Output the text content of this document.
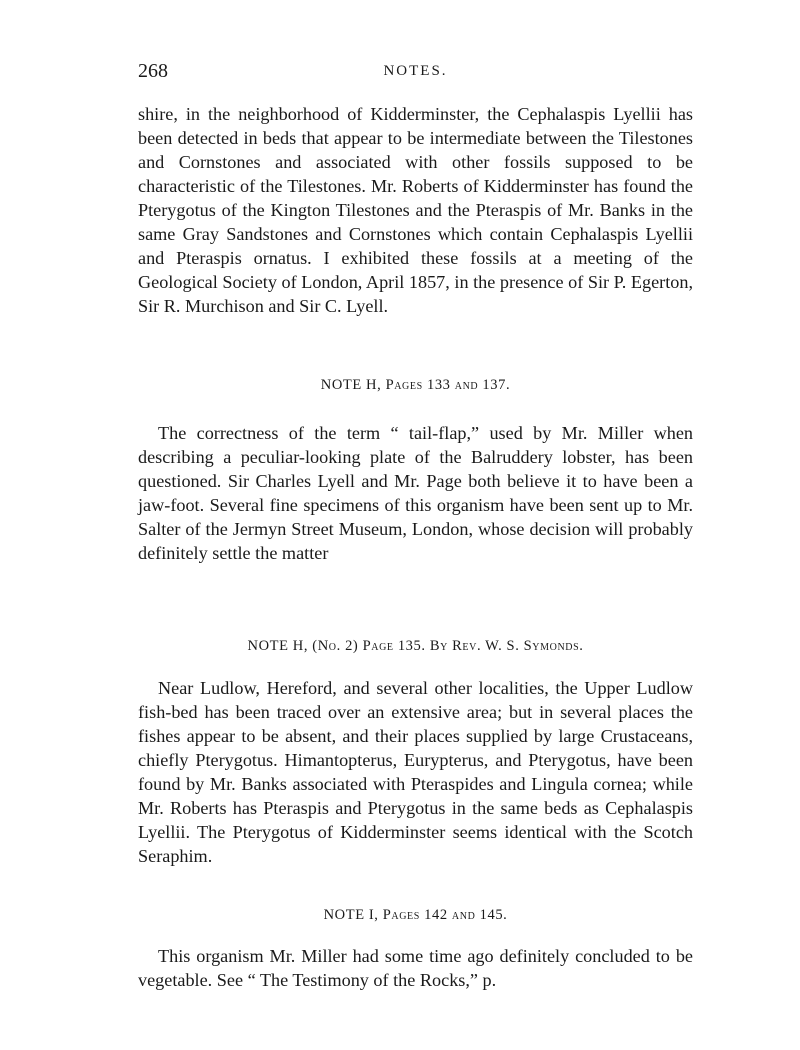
268	NOTES.

shire, in the neighborhood of Kidderminster, the Cephalaspis Lyellii has been detected in beds that appear to be intermediate between the Tilestones and Cornstones and associated with other fossils supposed to be characteristic of the Tilestones. Mr. Roberts of Kidderminster has found the Pterygotus of the Kington Tilestones and the Pteraspis of Mr. Banks in the same Gray Sandstones and Cornstones which contain Cephalaspis Lyellii and Pteraspis ornatus. I exhibited these fossils at a meeting of the Geological Society of London, April 1857, in the presence of Sir P. Egerton, Sir R. Murchison and Sir C. Lyell.

NOTE H, Pages 133 and 137.

The correctness of the term “ tail-flap,” used by Mr. Miller when describing a peculiar-looking plate of the Balruddery lobster, has been questioned. Sir Charles Lyell and Mr. Page both believe it to have been a jaw-foot. Several fine specimens of this organism have been sent up to Mr. Salter of the Jermyn Street Museum, London, whose decision will probably definitely settle the matter

NOTE H, (No. 2) Page 135. By Rev. W. S. Symonds.

Near Ludlow, Hereford, and several other localities, the Upper Ludlow fish-bed has been traced over an extensive area; but in several places the fishes appear to be absent, and their places supplied by large Crustaceans, chiefly Pterygotus. Himantopterus, Eurypterus, and Pterygotus, have been found by Mr. Banks associated with Pteraspides and Lingula cornea; while Mr. Roberts has Pteraspis and Pterygotus in the same beds as Cephalaspis Lyellii. The Pterygotus of Kidderminster seems identical with the Scotch Seraphim.

NOTE I, Pages 142 and 145.

This organism Mr. Miller had some time ago definitely concluded to be vegetable. See “ The Testimony of the Rocks,” p.
